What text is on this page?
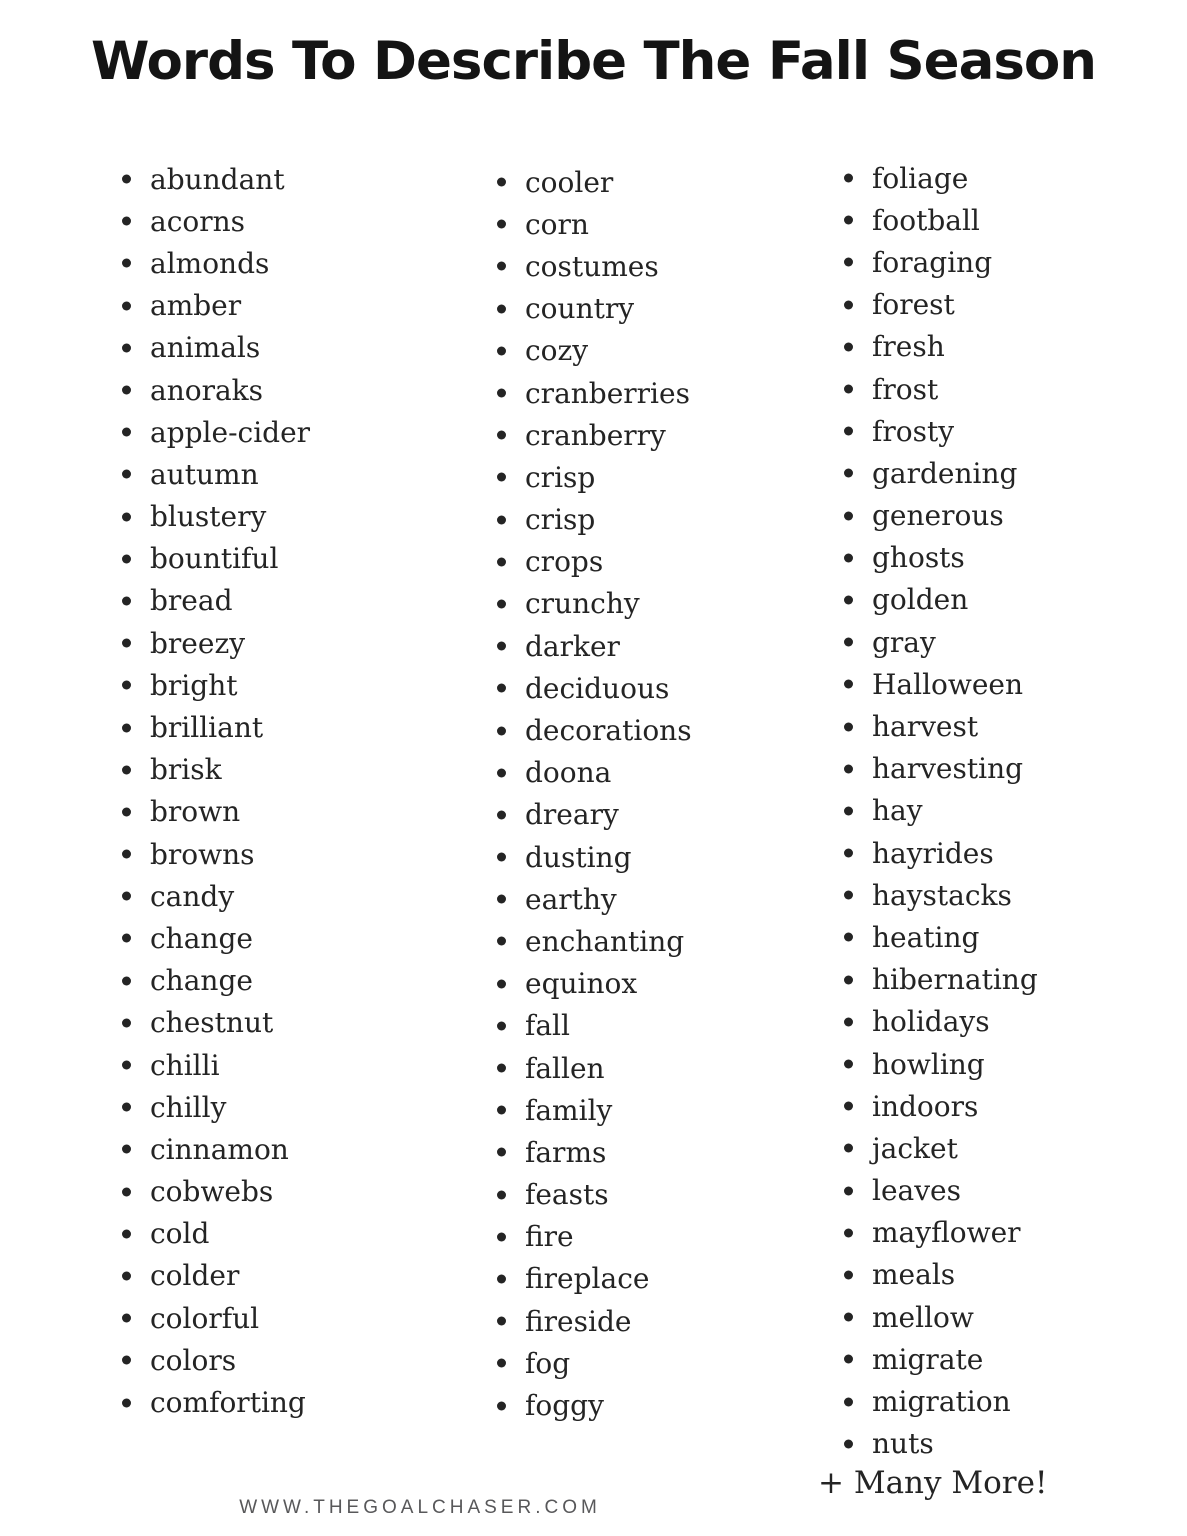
Words To Describe The Fall Season
abundant
acorns
almonds
amber
animals
anoraks
apple-cider
autumn
blustery
bountiful
bread
breezy
bright
brilliant
brisk
brown
browns
candy
change
change
chestnut
chilli
chilly
cinnamon
cobwebs
cold
colder
colorful
colors
comforting
cooler
corn
costumes
country
cozy
cranberries
cranberry
crisp
crisp
crops
crunchy
darker
deciduous
decorations
doona
dreary
dusting
earthy
enchanting
equinox
fall
fallen
family
farms
feasts
fire
fireplace
fireside
fog
foggy
foliage
football
foraging
forest
fresh
frost
frosty
gardening
generous
ghosts
golden
gray
Halloween
harvest
harvesting
hay
hayrides
haystacks
heating
hibernating
holidays
howling
indoors
jacket
leaves
mayflower
meals
mellow
migrate
migration
nuts
+ Many More!
WWW.THEGOALCHASER.COM
